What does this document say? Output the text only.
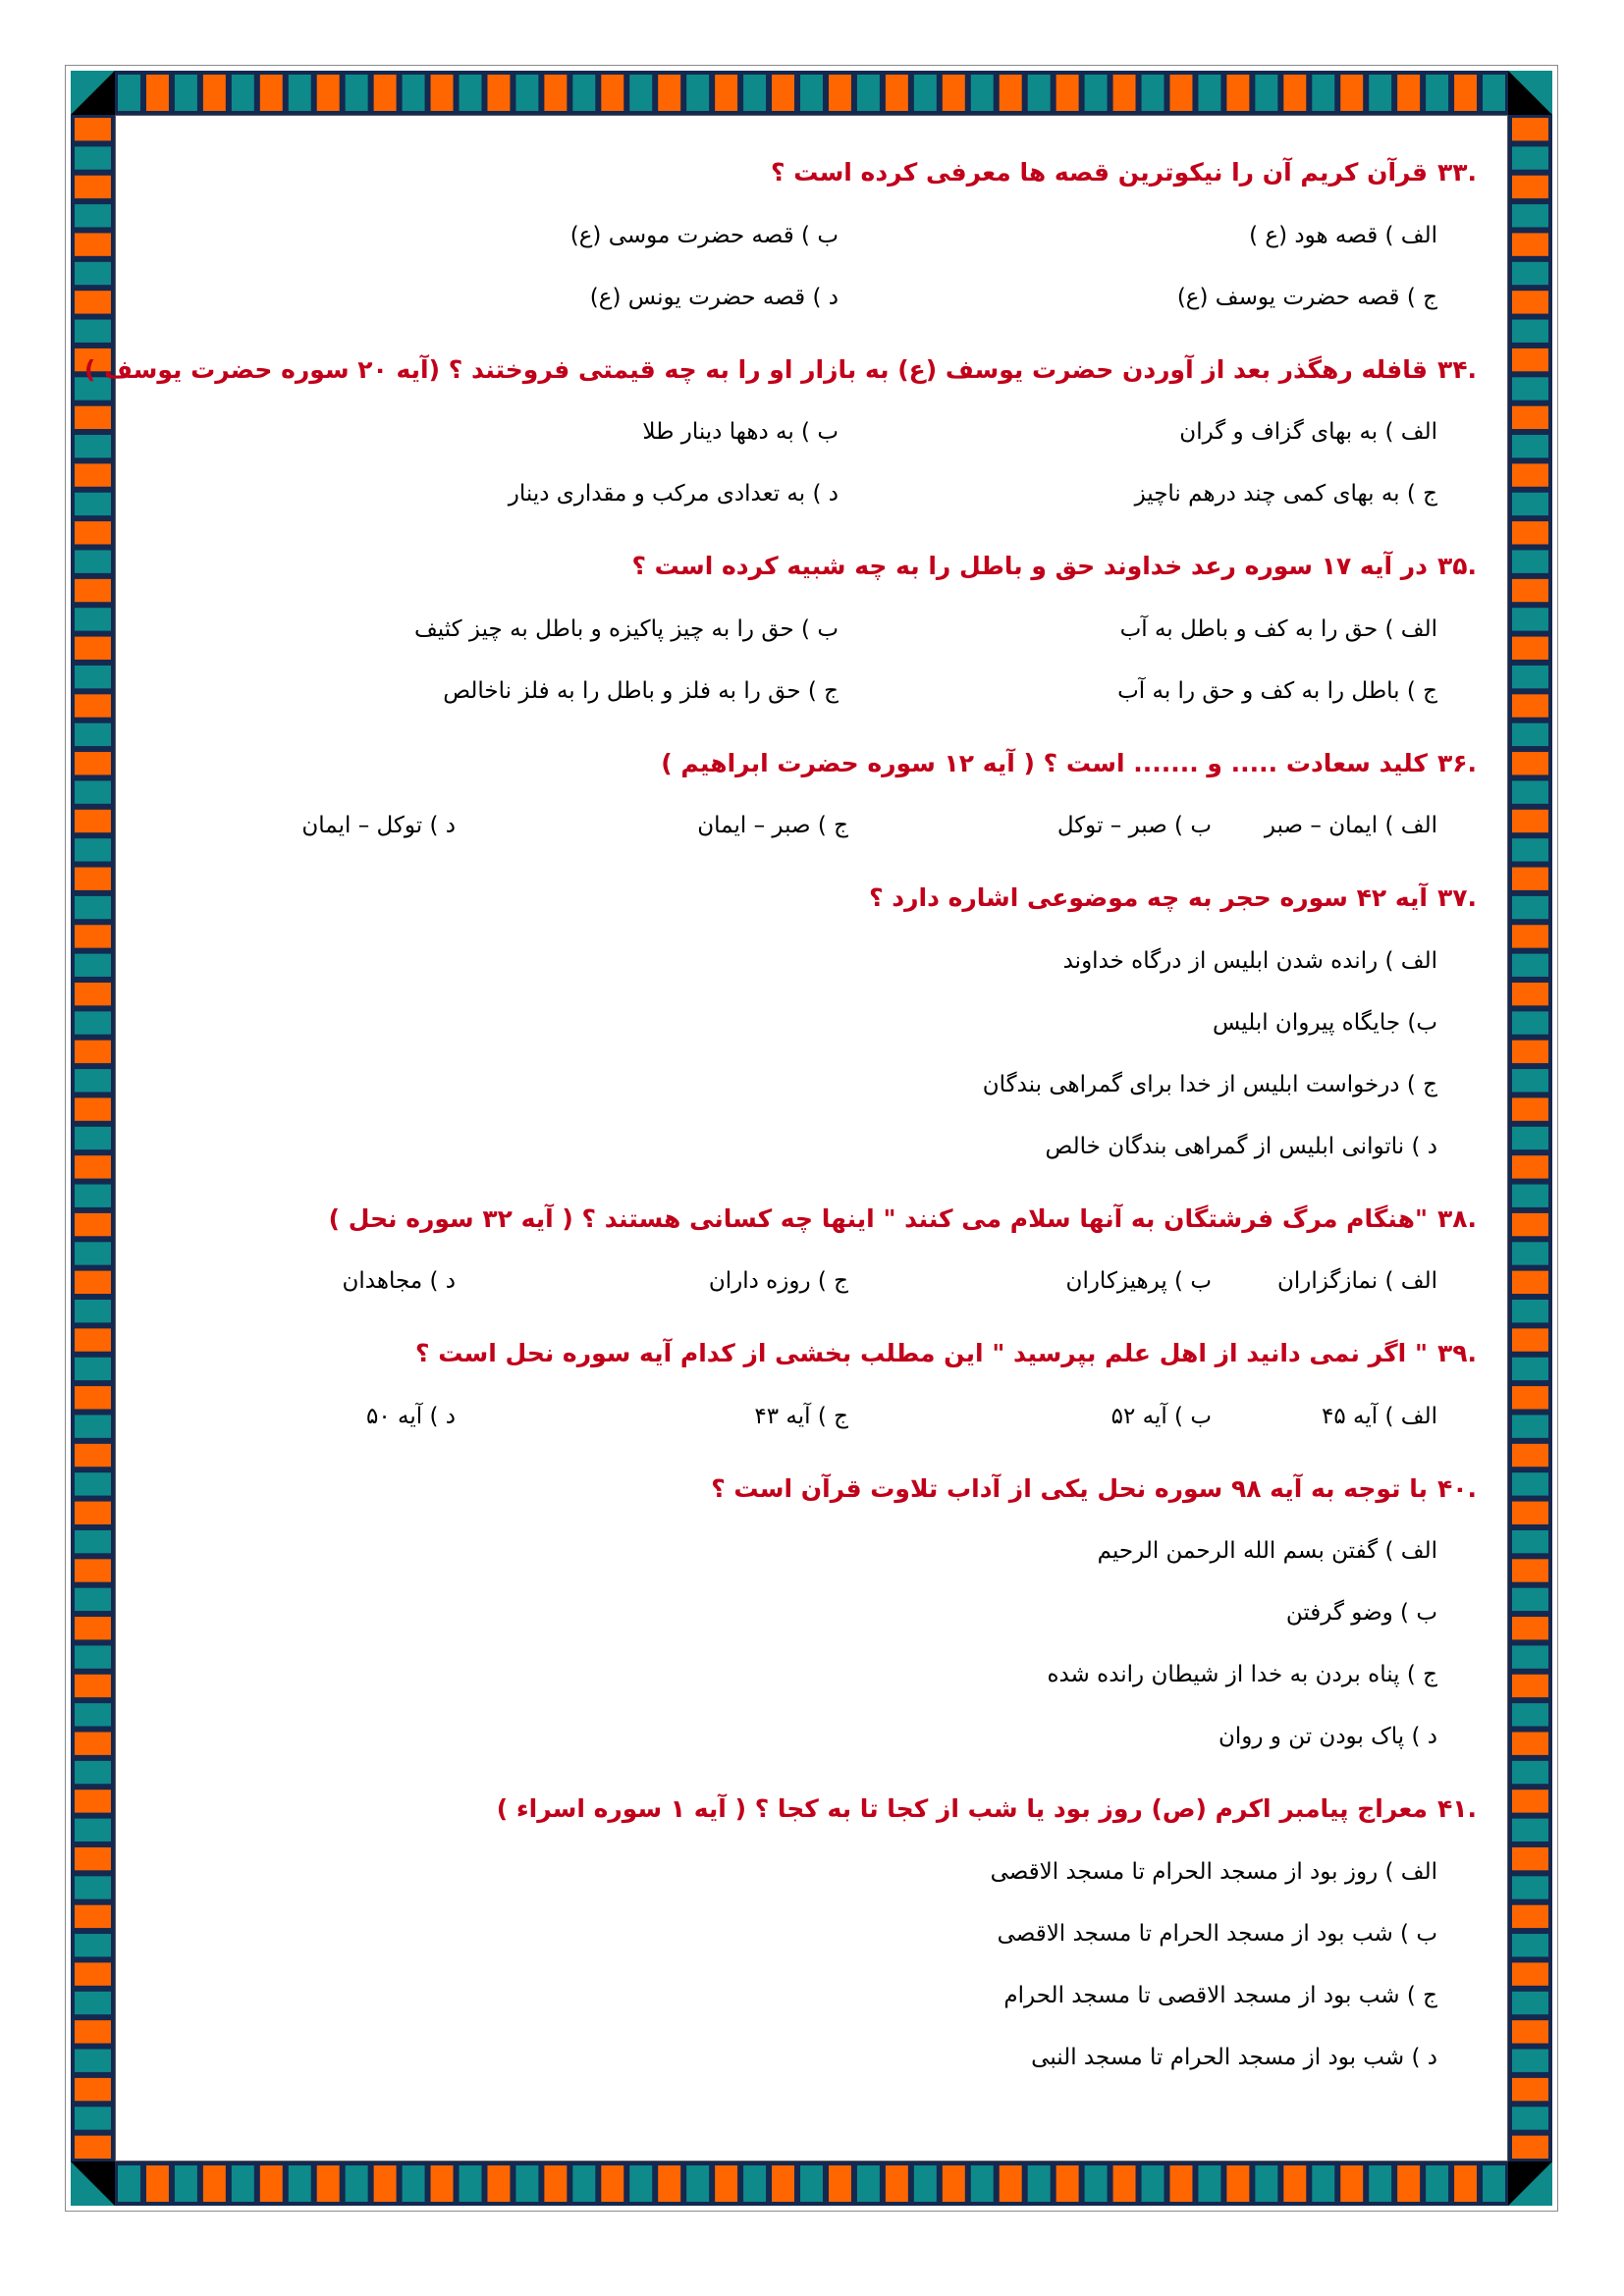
.۳۳قرآن کریم آن را نیکوترین قصه ها معرفی کرده است ؟
الف ) قصه هود (ع )
ب ) قصه حضرت موسی (ع)
ج ) قصه حضرت یوسف (ع)
د ) قصه حضرت یونس (ع)
.۳۴قافله رهگذر بعد از آوردن حضرت یوسف (ع) به بازار او را به چه قیمتی فروختند ؟ (آیه ۲۰ سوره حضرت یوسف )
الف ) به بهای گزاف و گران
ب ) به دهها دینار طلا
ج ) به بهای کمی چند درهم ناچیز
د ) به تعدادی مرکب و مقداری دینار
.۳۵در آیه ۱۷ سوره رعد خداوند حق و باطل را به چه شبیه کرده است ؟
الف ) حق را به کف و باطل به آب
ب ) حق را به چیز پاکیزه و باطل به چیز کثیف
ج ) باطل را به کف و حق را به آب
ج ) حق را به فلز و باطل را به فلز ناخالص
.۳۶کلید سعادت ..... و ....... است ؟ ( آیه ۱۲ سوره حضرت ابراهیم )
الف ) ایمان – صبر
ب ) صبر – توکل
ج ) صبر – ایمان
د ) توکل – ایمان
.۳۷آیه ۴۲ سوره حجر به چه موضوعی اشاره دارد ؟
الف ) رانده شدن ابلیس از درگاه خداوند
ب) جایگاه پیروان ابلیس
ج ) درخواست ابلیس از خدا برای گمراهی بندگان
د ) ناتوانی ابلیس از گمراهی بندگان خالص
.۳۸"هنگام مرگ فرشتگان به آنها سلام می کنند " اینها چه کسانی هستند ؟ ( آیه ۳۲ سوره نحل )
الف ) نمازگزاران
ب ) پرهیزکاران
ج ) روزه داران
د ) مجاهدان
.۳۹" اگر نمی دانید از اهل علم بپرسید " این مطلب بخشی از کدام آیه سوره نحل است ؟
الف ) آیه ۴۵
ب ) آیه ۵۲
ج ) آیه ۴۳
د ) آیه ۵۰
.۴۰با توجه به آیه ۹۸ سوره نحل یکی از آداب تلاوت قرآن است ؟
الف ) گفتن بسم الله الرحمن الرحیم
ب ) وضو گرفتن
ج ) پناه بردن به خدا از شیطان رانده شده
د ) پاک بودن تن و روان
.۴۱معراج پیامبر اکرم (ص) روز بود یا شب از کجا تا به کجا ؟ ( آیه ۱ سوره اسراء )
الف ) روز بود از مسجد الحرام تا مسجد الاقصی
ب ) شب بود از مسجد الحرام تا مسجد الاقصی
ج ) شب بود از مسجد الاقصی تا مسجد الحرام
د ) شب بود از مسجد الحرام تا مسجد النبی
